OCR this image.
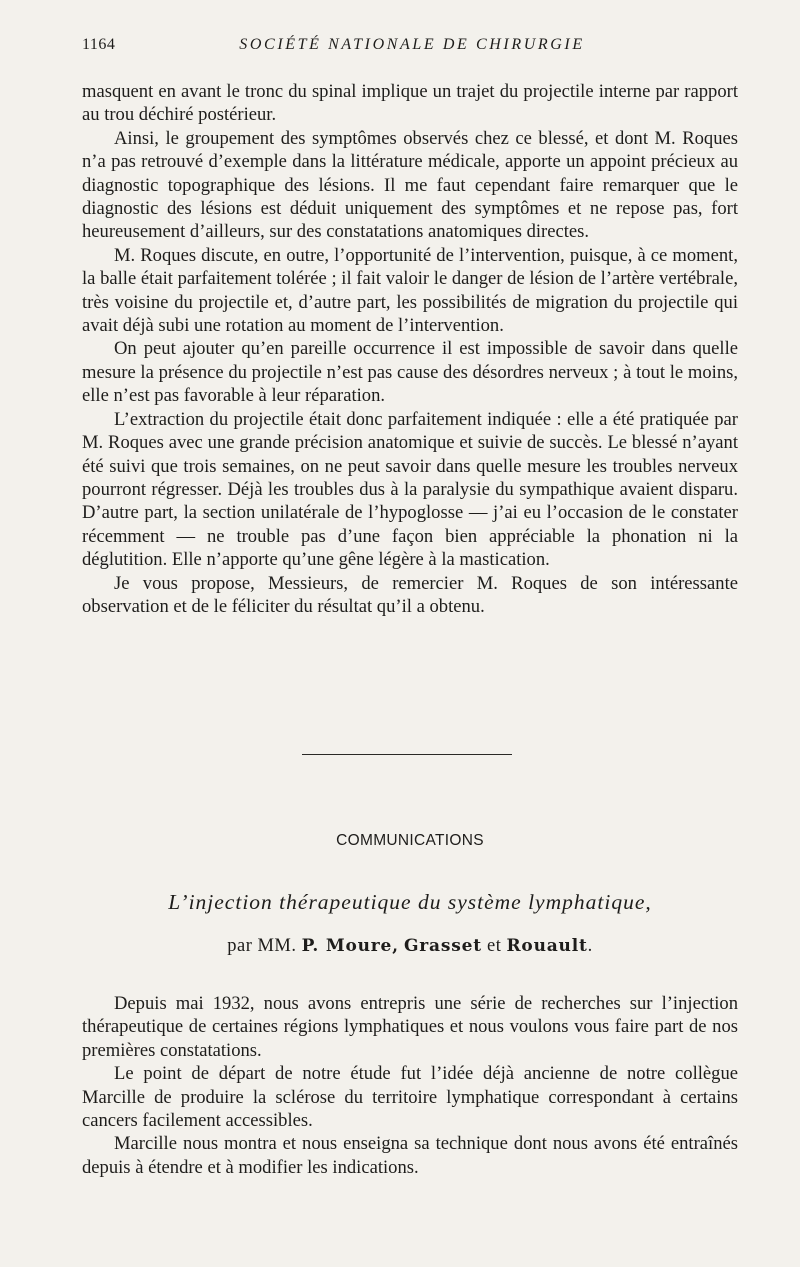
1164	SOCIÉTÉ NATIONALE DE CHIRURGIE

masquent en avant le tronc du spinal implique un trajet du projectile interne par rapport au trou déchiré postérieur.

Ainsi, le groupement des symptômes observés chez ce blessé, et dont M. Roques n’a pas retrouvé d’exemple dans la littérature médicale, apporte un appoint précieux au diagnostic topographique des lésions. Il me faut cependant faire remarquer que le diagnostic des lésions est déduit uniquement des symptômes et ne repose pas, fort heureusement d’ailleurs, sur des constatations anatomiques directes.

M. Roques discute, en outre, l’opportunité de l’intervention, puisque, à ce moment, la balle était parfaitement tolérée ; il fait valoir le danger de lésion de l’artère vertébrale, très voisine du projectile et, d’autre part, les possibilités de migration du projectile qui avait déjà subi une rotation au moment de l’intervention.

On peut ajouter qu’en pareille occurrence il est impossible de savoir dans quelle mesure la présence du projectile n’est pas cause des désordres nerveux ; à tout le moins, elle n’est pas favorable à leur réparation.

L’extraction du projectile était donc parfaitement indiquée : elle a été pratiquée par M. Roques avec une grande précision anatomique et suivie de succès. Le blessé n’ayant été suivi que trois semaines, on ne peut savoir dans quelle mesure les troubles nerveux pourront régresser. Déjà les troubles dus à la paralysie du sympathique avaient disparu. D’autre part, la section unilatérale de l’hypoglosse — j’ai eu l’occasion de le constater récemment — ne trouble pas d’une façon bien appréciable la phonation ni la déglutition. Elle n’apporte qu’une gêne légère à la mastication.

Je vous propose, Messieurs, de remercier M. Roques de son intéressante observation et de le féliciter du résultat qu’il a obtenu.

COMMUNICATIONS
L’injection thérapeutique du système lymphatique,
par MM. P. Moure, Grasset et Rouault.

Depuis mai 1932, nous avons entrepris une série de recherches sur l’injection thérapeutique de certaines régions lymphatiques et nous voulons vous faire part de nos premières constatations.

Le point de départ de notre étude fut l’idée déjà ancienne de notre collègue Marcille de produire la sclérose du territoire lymphatique correspondant à certains cancers facilement accessibles.

Marcille nous montra et nous enseigna sa technique dont nous avons été entraînés depuis à étendre et à modifier les indications.
